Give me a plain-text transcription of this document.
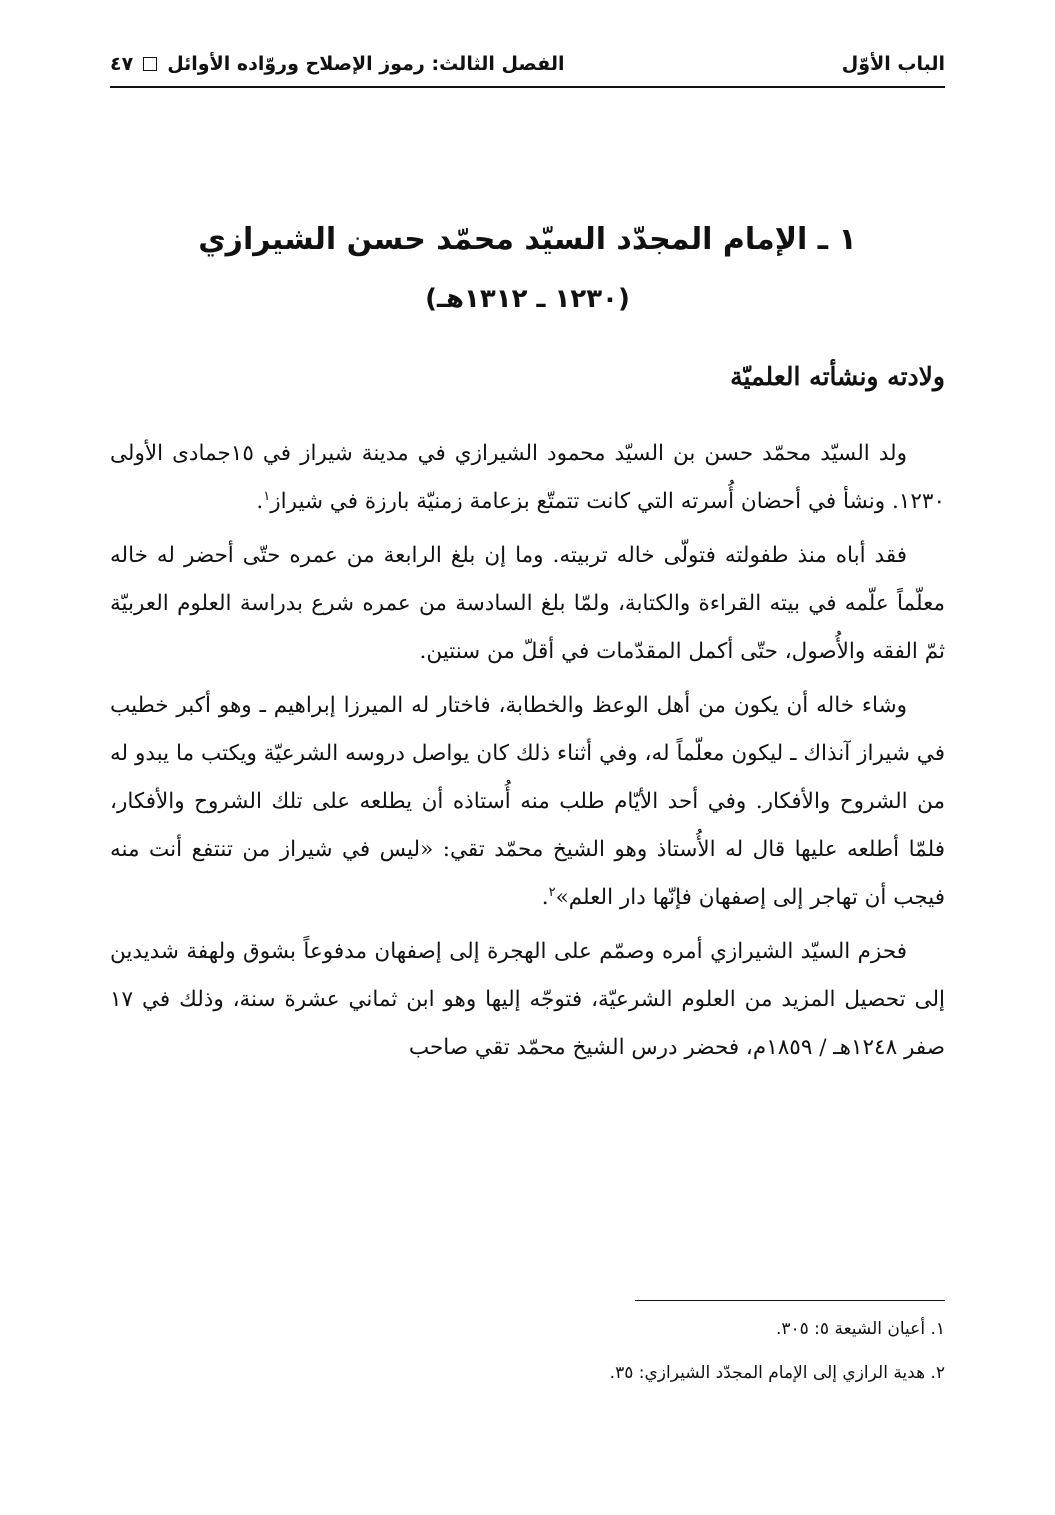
الباب الأوّل
الفصل الثالث: رموز الإصلاح وروّاده الأوائل
٤٧
١ ـ الإمام المجدّد السيّد محمّد حسن الشيرازي
(١٢٣٠ ـ ١٣١٢هـ)
ولادته ونشأته العلميّة

ولد السيّد محمّد حسن بن السيّد محمود الشيرازي في مدينة شيراز في ١٥جمادى الأولى ١٢٣٠. ونشأ في أحضان أُسرته التي كانت تتمتّع بزعامة زمنيّة بارزة في شيراز$^١$.

فقد أباه منذ طفولته فتولّى خاله تربيته. وما إن بلغ الرابعة من عمره حتّى أحضر له خاله معلّماً علّمه في بيته القراءة والكتابة، ولمّا بلغ السادسة من عمره شرع بدراسة العلوم العربيّة ثمّ الفقه والأُصول، حتّى أكمل المقدّمات في أقلّ من سنتين.

وشاء خاله أن يكون من أهل الوعظ والخطابة، فاختار له الميرزا إبراهيم ـ وهو أكبر خطيب في شيراز آنذاك ـ ليكون معلّماً له، وفي أثناء ذلك كان يواصل دروسه الشرعيّة ويكتب ما يبدو له من الشروح والأفكار. وفي أحد الأيّام طلب منه أُستاذه أن يطلعه على تلك الشروح والأفكار، فلمّا أطلعه عليها قال له الأُستاذ وهو الشيخ محمّد تقي: «ليس في شيراز من تنتفع أنت منه فيجب أن تهاجر إلى إصفهان فإنّها دار العلم»$^٢$.

فحزم السيّد الشيرازي أمره وصمّم على الهجرة إلى إصفهان مدفوعاً بشوق ولهفة شديدين إلى تحصيل المزيد من العلوم الشرعيّة، فتوجّه إليها وهو ابن ثماني عشرة سنة، وذلك في ١٧ صفر ١٢٤٨هـ / ١٨٥٩م، فحضر درس الشيخ محمّد تقي صاحب

١. أعيان الشيعة ٥: ٣٠٥.

٢. هدية الرازي إلى الإمام المجدّد الشيرازي: ٣٥.
